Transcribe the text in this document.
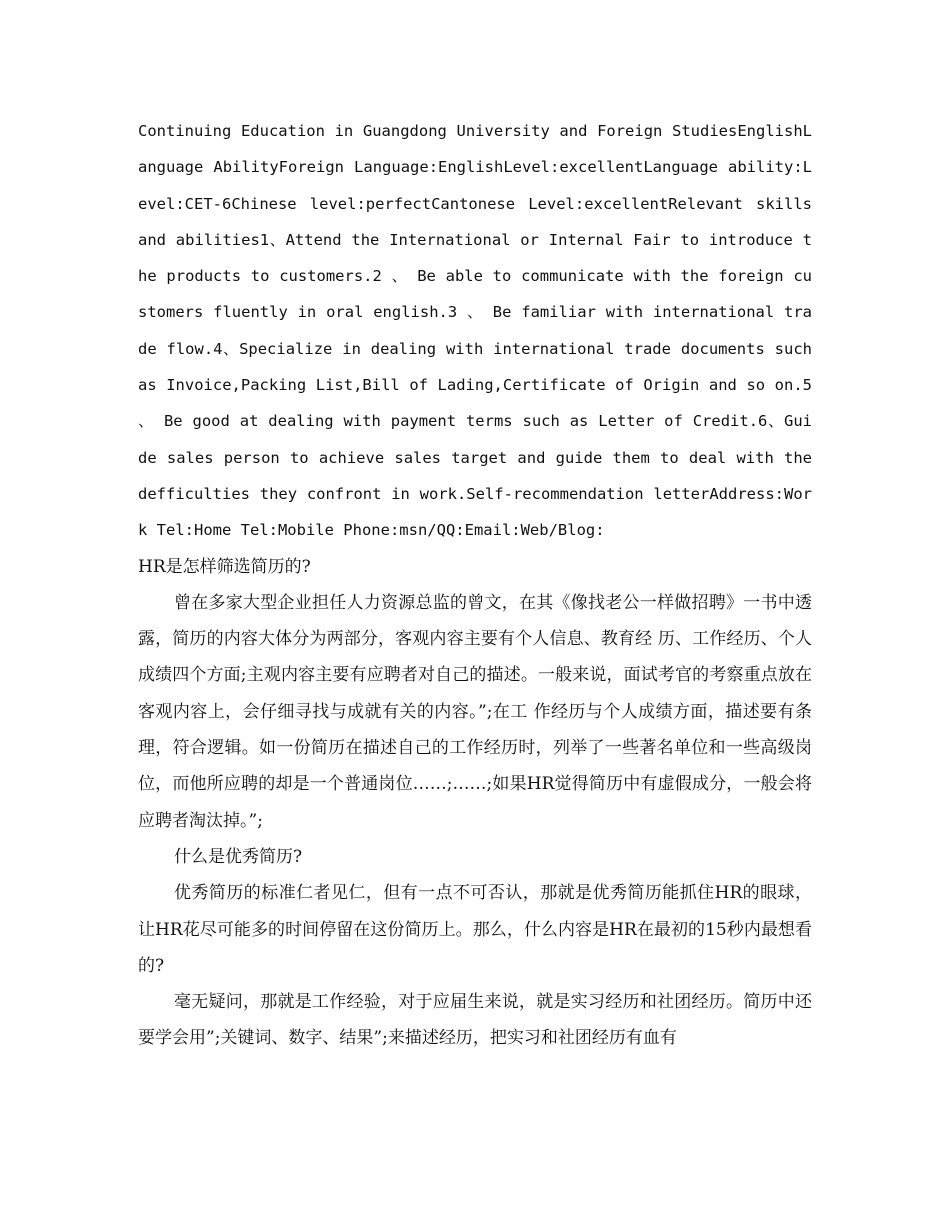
Continuing Education in Guangdong University and Foreign StudiesEnglishLanguage AbilityForeign Language:EnglishLevel:excellentLanguage ability:Level:CET-6Chinese level:perfectCantonese Level:excellentRelevant skills and abilities1、Attend the International or Internal Fair to introduce the products to customers.2 、 Be able to communicate with the foreign customers fluently in oral english.3 、 Be familiar with international trade flow.4、Specialize in dealing with international trade documents such as Invoice,Packing List,Bill of Lading,Certificate of Origin and so on.5 、 Be good at dealing with payment terms such as Letter of Credit.6、Guide sales person to achieve sales target and guide them to deal with the defficulties they confront in work.Self-recommendation letterAddress:Work Tel:Home Tel:Mobile Phone:msn/QQ:Email:Web/Blog:

HR是怎样筛选简历的?

曾在多家大型企业担任人力资源总监的曾文，在其《像找老公一样做招聘》一书中透露，简历的内容大体分为两部分，客观内容主要有个人信息、教育经 历、工作经历、个人成绩四个方面;主观内容主要有应聘者对自己的描述。一般来说，面试考官的考察重点放在客观内容上，会仔细寻找与成就有关的内容。”;在工 作经历与个人成绩方面，描述要有条理，符合逻辑。如一份简历在描述自己的工作经历时，列举了一些著名单位和一些高级岗位，而他所应聘的却是一个普通岗位……;……;如果HR觉得简历中有虚假成分，一般会将应聘者淘汰掉。”;

什么是优秀简历?

优秀简历的标准仁者见仁，但有一点不可否认，那就是优秀简历能抓住HR的眼球，让HR花尽可能多的时间停留在这份简历上。那么，什么内容是HR在最初的15秒内最想看的?

毫无疑问，那就是工作经验，对于应届生来说，就是实习经历和社团经历。简历中还要学会用”;关键词、数字、结果”;来描述经历，把实习和社团经历有血有
